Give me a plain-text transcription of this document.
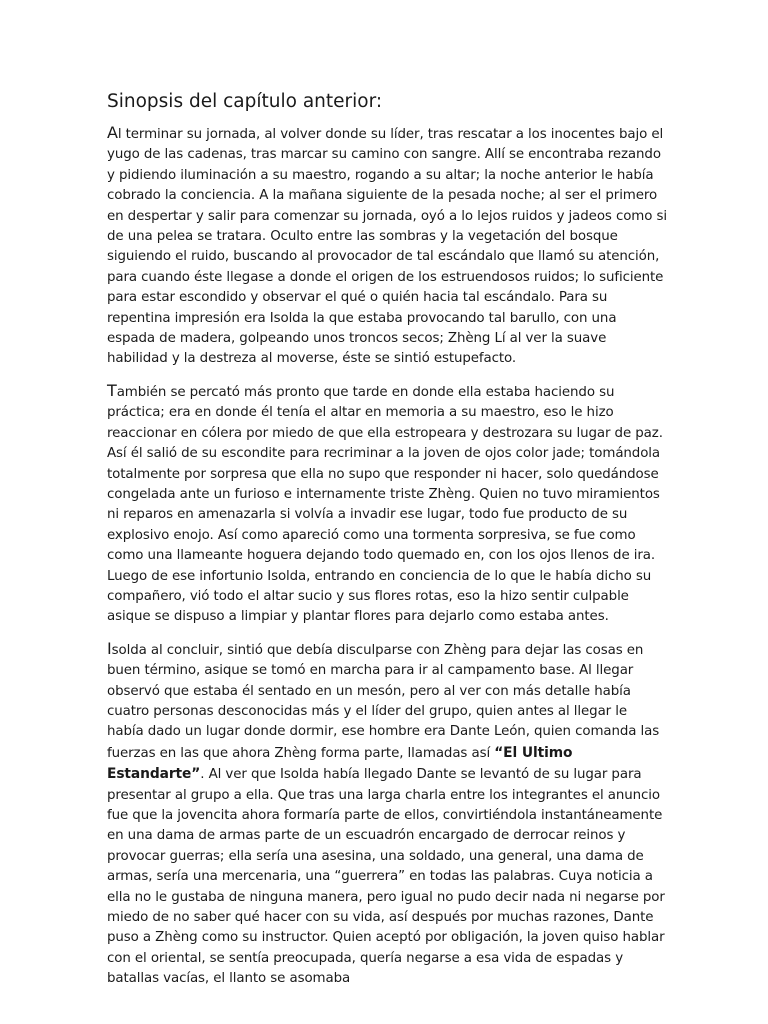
Sinopsis del capítulo anterior:

Al terminar su jornada, al volver donde su líder, tras rescatar a los inocentes bajo el yugo de las cadenas, tras marcar su camino con sangre. Allí se encontraba rezando y pidiendo iluminación a su maestro, rogando a su altar; la noche anterior le había cobrado la conciencia. A la mañana siguiente de la pesada noche; al ser el primero en despertar y salir para comenzar su jornada, oyó a lo lejos ruidos y jadeos como si de una pelea se tratara. Oculto entre las sombras y la vegetación del bosque siguiendo el ruido, buscando al provocador de tal escándalo que llamó su atención, para cuando éste llegase a donde el origen de los estruendosos ruidos; lo suficiente para estar escondido y observar el qué o quién hacia tal escándalo. Para su repentina impresión era Isolda la que estaba provocando tal barullo, con una espada de madera, golpeando unos troncos secos; Zhèng Lí al ver la suave habilidad y la destreza al moverse, éste se sintió estupefacto.

También se percató más pronto que tarde en donde ella estaba haciendo su práctica; era en donde él tenía el altar en memoria a su maestro, eso le hizo reaccionar en cólera por miedo de que ella estropeara y destrozara su lugar de paz. Así él salió de su escondite para recriminar a la joven de ojos color jade; tomándola totalmente por sorpresa que ella no supo que responder ni hacer, solo quedándose congelada ante un furioso e internamente triste Zhèng. Quien no tuvo miramientos ni reparos en amenazarla si volvía a invadir ese lugar, todo fue producto de su explosivo enojo. Así como apareció como una tormenta sorpresiva, se fue como como una llameante hoguera dejando todo quemado en, con los ojos llenos de ira. Luego de ese infortunio Isolda, entrando en conciencia de lo que le había dicho su compañero, vió todo el altar sucio y sus flores rotas, eso la hizo sentir culpable asique se dispuso a limpiar y plantar flores para dejarlo como estaba antes.

Isolda al concluir, sintió que debía disculparse con Zhèng para dejar las cosas en buen término, asique se tomó en marcha para ir al campamento base. Al llegar observó que estaba él sentado en un mesón, pero al ver con más detalle había cuatro personas desconocidas más y el líder del grupo, quien antes al llegar le había dado un lugar donde dormir, ese hombre era Dante León, quien comanda las fuerzas en las que ahora Zhèng forma parte, llamadas así “El Ultimo Estandarte”. Al ver que Isolda había llegado Dante se levantó de su lugar para presentar al grupo a ella. Que tras una larga charla entre los integrantes el anuncio fue que la jovencita ahora formaría parte de ellos, convirtiéndola instantáneamente en una dama de armas parte de un escuadrón encargado de derrocar reinos y provocar guerras; ella sería una asesina, una soldado, una general, una dama de armas, sería una mercenaria, una “guerrera” en todas las palabras. Cuya noticia a ella no le gustaba de ninguna manera, pero igual no pudo decir nada ni negarse por miedo de no saber qué hacer con su vida, así después por muchas razones, Dante puso a Zhèng como su instructor. Quien aceptó por obligación, la joven quiso hablar con el oriental, se sentía preocupada, quería negarse a esa vida de espadas y batallas vacías, el llanto se asomaba
